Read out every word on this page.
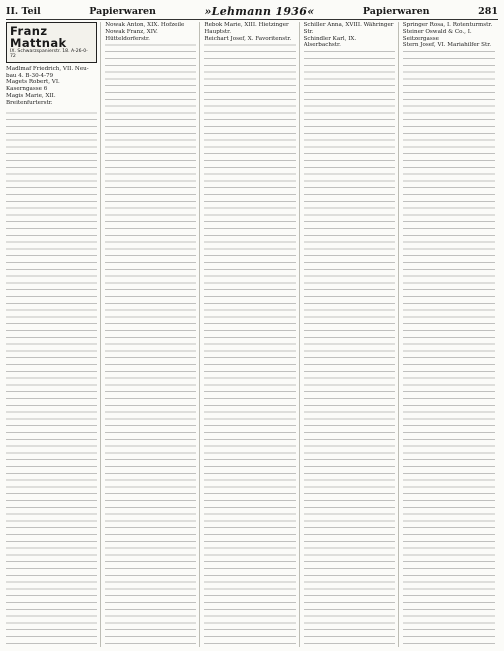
II. Teil	Papierwaren	»Lehmann 1936«	Papierwaren	281
Franz Mattnak
IX. Schwarzspanierstr. 18. A-26-0-72

Madlmaf Friedrich, VII. Neu-

bau 4. B-30-4-79

Magets Robert, VI. Kaserngasse 6

Magis Marie, XII. Breitenfurterstr.

Nowak Anton, XIX. Hofzeile

Nowak Franz, XIV. Hütteldorferstr.

Rebok Marie, XIII. Hietzinger Hauptstr.

Reichart Josef, X. Favoritenstr.

Schiller Anna, XVIII. Währinger Str.

Schindler Karl, IX. Alserbachstr.

Springer Rosa, I. Rotenturmstr.

Steiner Oswald & Co., I. Seitzergasse

Stern Josef, VI. Mariahilfer Str.
